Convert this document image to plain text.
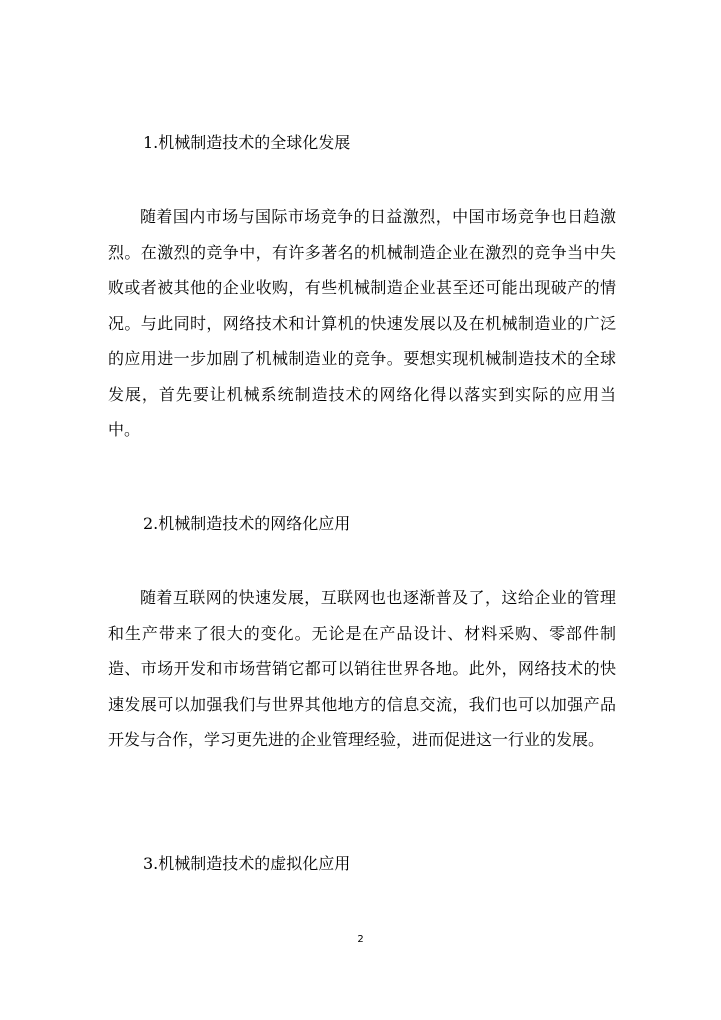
1.机械制造技术的全球化发展
随着国内市场与国际市场竞争的日益激烈，中国市场竞争也日趋激烈。在激烈的竞争中，有许多著名的机械制造企业在激烈的竞争当中失败或者被其他的企业收购，有些机械制造企业甚至还可能出现破产的情况。与此同时，网络技术和计算机的快速发展以及在机械制造业的广泛的应用进一步加剧了机械制造业的竞争。要想实现机械制造技术的全球发展，首先要让机械系统制造技术的网络化得以落实到实际的应用当中。
2.机械制造技术的网络化应用
随着互联网的快速发展，互联网也也逐渐普及了，这给企业的管理和生产带来了很大的变化。无论是在产品设计、材料采购、零部件制造、市场开发和市场营销它都可以销往世界各地。此外，网络技术的快速发展可以加强我们与世界其他地方的信息交流，我们也可以加强产品开发与合作，学习更先进的企业管理经验，进而促进这一行业的发展。
3.机械制造技术的虚拟化应用
2
